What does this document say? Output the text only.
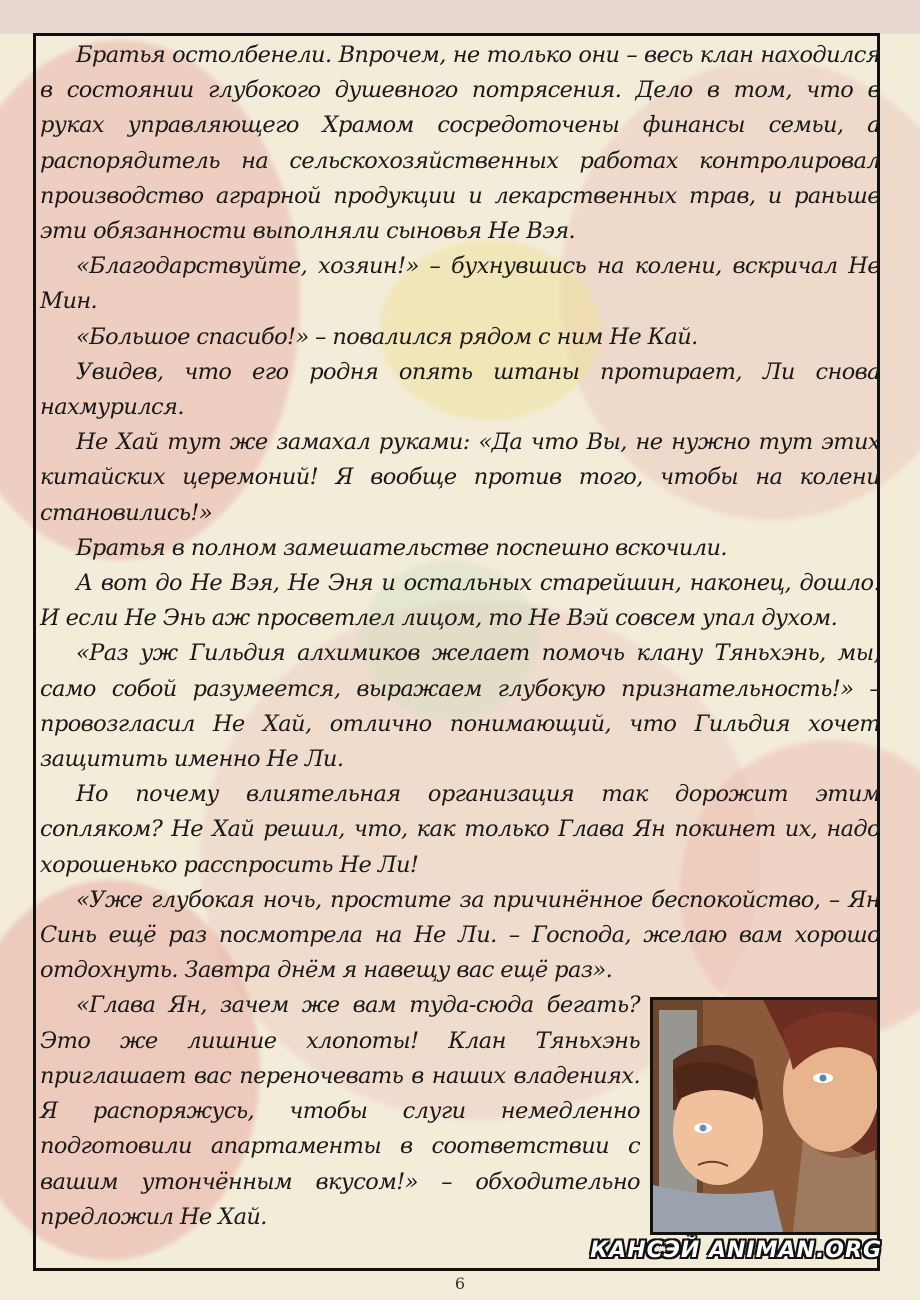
Братья остолбенели. Впрочем, не только они – весь клан находился в состоянии глубокого душевного потрясения. Дело в том, что в руках управляющего Храмом сосредоточены финансы семьи, а распорядитель на сельскохозяйственных работах контролировал производство аграрной продукции и лекарственных трав, и раньше эти обязанности выполняли сыновья Не Вэя.

«Благодарствуйте, хозяин!» – бухнувшись на колени, вскричал Не Мин.

«Большое спасибо!» – повалился рядом с ним Не Кай.

Увидев, что его родня опять штаны протирает, Ли снова нахмурился.

Не Хай тут же замахал руками: «Да что Вы, не нужно тут этих китайских церемоний! Я вообще против того, чтобы на колени становились!»

Братья в полном замешательстве поспешно вскочили.

А вот до Не Вэя, Не Эня и остальных старейшин, наконец, дошло. И если Не Энь аж просветлел лицом, то Не Вэй совсем упал духом.

«Раз уж Гильдия алхимиков желает помочь клану Тяньхэнь, мы, само собой разумеется, выражаем глубокую признательность!» – провозгласил Не Хай, отлично понимающий, что Гильдия хочет защитить именно Не Ли.

Но почему влиятельная организация так дорожит этим сопляком? Не Хай решил, что, как только Глава Ян покинет их, надо хорошенько расспросить Не Ли!

«Уже глубокая ночь, простите за причинённое беспокойство, – Ян Синь ещё раз посмотрела на Не Ли. – Господа, желаю вам хорошо отдохнуть. Завтра днём я навещу вас ещё раз».

«Глава Ян, зачем же вам туда-сюда бегать? Это же лишние хлопоты! Клан Тяньхэнь приглашает вас переночевать в наших владениях. Я распоряжусь, чтобы слуги немедленно подготовили апартаменты в соответствии с вашим утончённым вкусом!» – обходительно предложил Не Хай.

КАНСЭЙ ANIMAN.ORG
6
